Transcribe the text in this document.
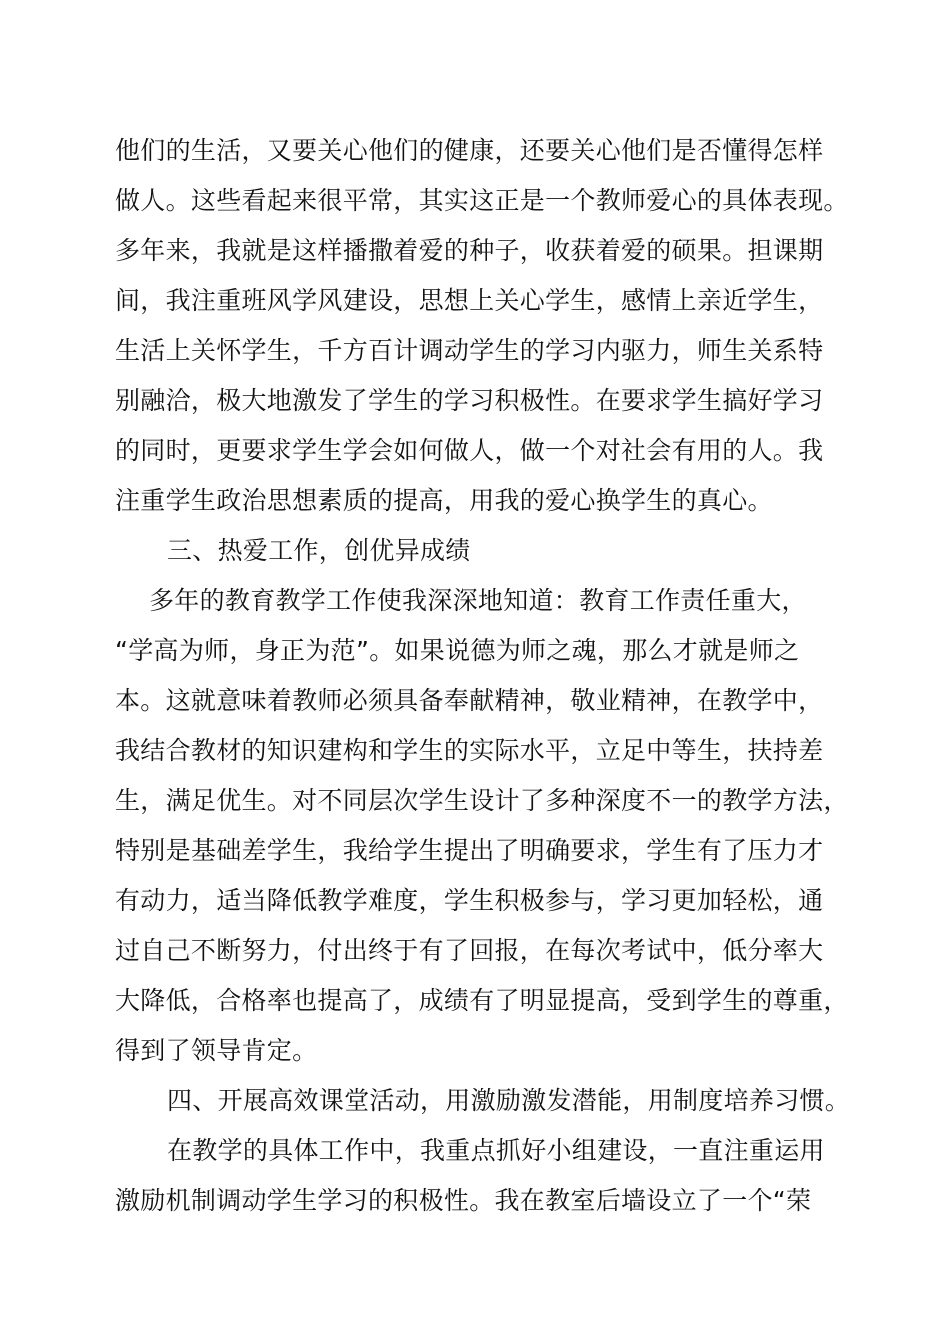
他们的生活，又要关心他们的健康，还要关心他们是否懂得怎样
做人。这些看起来很平常，其实这正是一个教师爱心的具体表现。
多年来，我就是这样播撒着爱的种子，收获着爱的硕果。担课期
间，我注重班风学风建设，思想上关心学生，感情上亲近学生，
生活上关怀学生，千方百计调动学生的学习内驱力，师生关系特
别融洽，极大地激发了学生的学习积极性。在要求学生搞好学习
的同时，更要求学生学会如何做人，做一个对社会有用的人。我
注重学生政治思想素质的提高，用我的爱心换学生的真心。
三、热爱工作，创优异成绩
多年的教育教学工作使我深深地知道：教育工作责任重大，
“学高为师，身正为范”。如果说德为师之魂，那么才就是师之
本。这就意味着教师必须具备奉献精神，敬业精神，在教学中，
我结合教材的知识建构和学生的实际水平，立足中等生，扶持差
生，满足优生。对不同层次学生设计了多种深度不一的教学方法，
特别是基础差学生，我给学生提出了明确要求，学生有了压力才
有动力，适当降低教学难度，学生积极参与，学习更加轻松，通
过自己不断努力，付出终于有了回报，在每次考试中，低分率大
大降低，合格率也提高了，成绩有了明显提高，受到学生的尊重，
得到了领导肯定。
四、开展高效课堂活动，用激励激发潜能，用制度培养习惯。
在教学的具体工作中，我重点抓好小组建设，一直注重运用
激励机制调动学生学习的积极性。我在教室后墙设立了一个“荣
